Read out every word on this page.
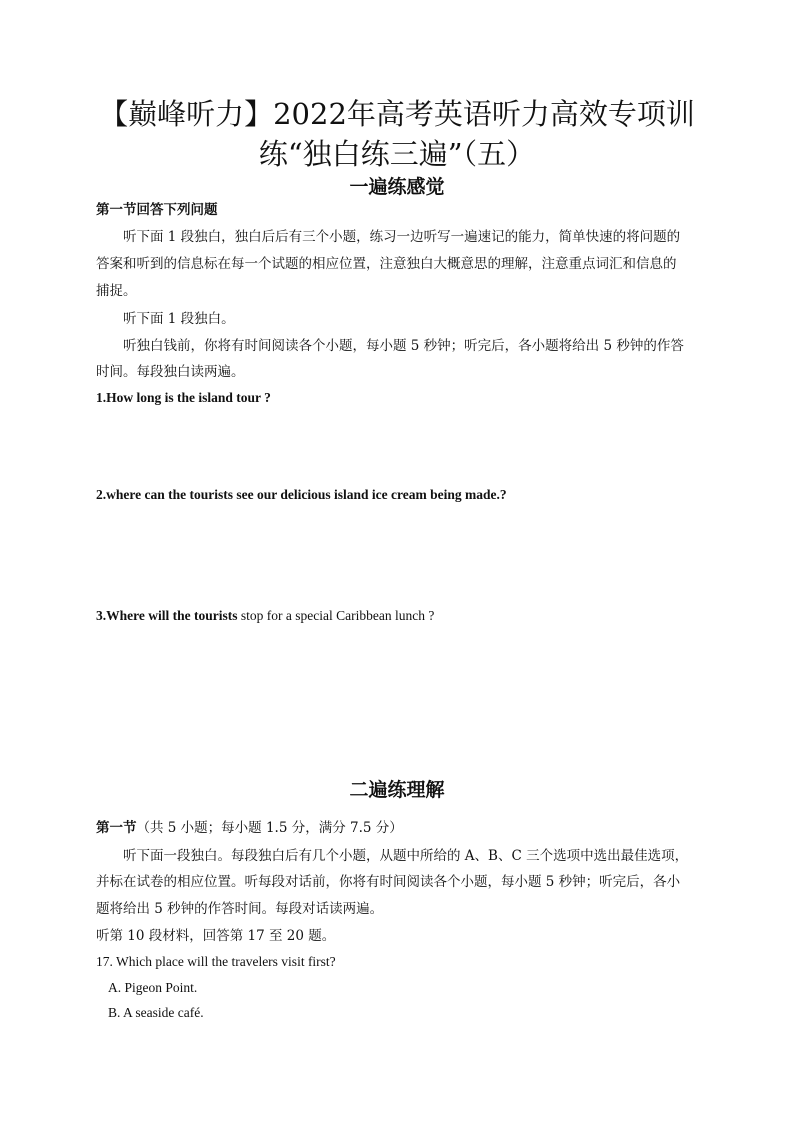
【巅峰听力】2022年高考英语听力高效专项训
练“独白练三遍”（五）
一遍练感觉
第一节回答下列问题
听下面 1 段独白，独白后后有三个小题，练习一边听写一遍速记的能力，简单快速的将问题的
答案和听到的信息标在每一个试题的相应位置，注意独白大概意思的理解，注意重点词汇和信息的
捕捉。
听下面 1 段独白。
听独白钱前，你将有时间阅读各个小题，每小题 5 秒钟；听完后，各小题将给出 5 秒钟的作答
时间。每段独白读两遍。
1.How long is the island tour ?
2.where can the tourists see our delicious island ice cream being made.?
3.Where will the tourists stop for a special Caribbean lunch ?
二遍练理解
第一节（共 5 小题；每小题 1.5 分，满分 7.5 分）
听下面一段独白。每段独白后有几个小题，从题中所给的 A、B、C 三个选项中选出最佳选项，
并标在试卷的相应位置。听每段对话前，你将有时间阅读各个小题，每小题 5 秒钟；听完后，各小
题将给出 5 秒钟的作答时间。每段对话读两遍。
听第 10 段材料，回答第 17 至 20 题。
17. Which place will the travelers visit first?
A. Pigeon Point.
B. A seaside café.
